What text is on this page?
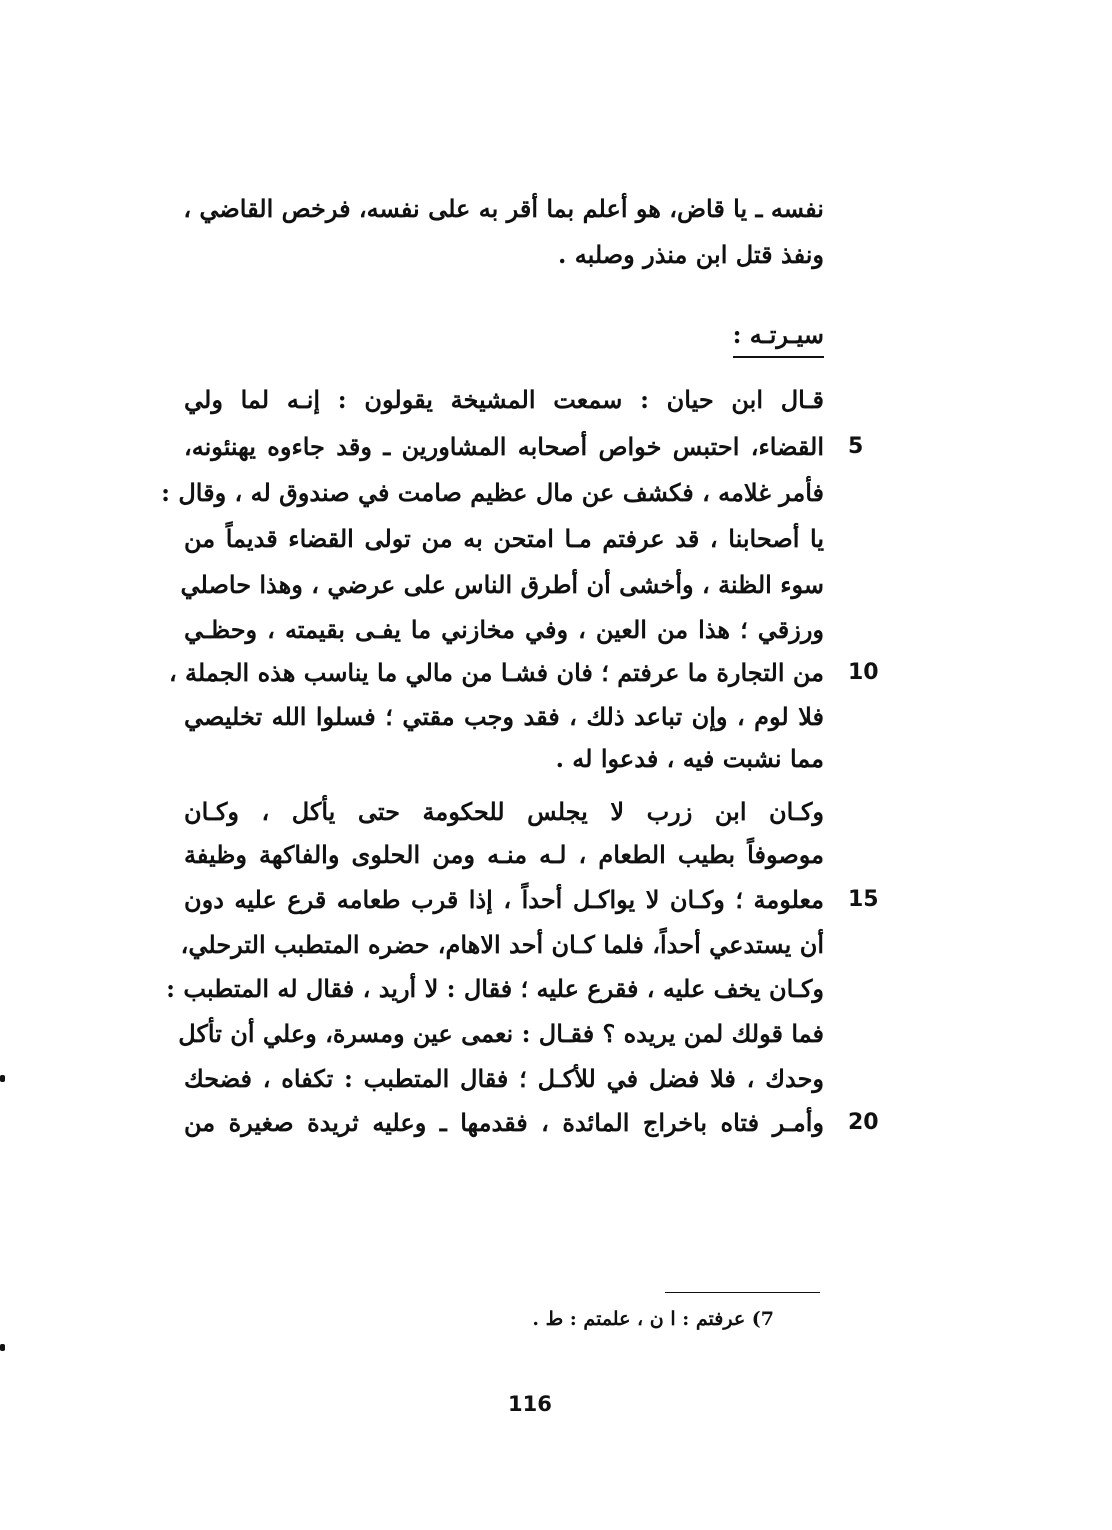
نفسه ـ يا قاض، هو أعلم بما أقر به على نفسه، فرخص القاضي ،
ونفذ قتل ابن منذر وصلبه .
سيـرتـه :
قـال ابن حيان : سمعت المشيخة يقولون : إنـه لما ولي
القضاء، احتبس خواص أصحابه المشاورين ـ وقد جاءوه يهنئونه،
فأمر غلامه ، فكشف عن مال عظيم صامت في صندوق له ، وقال :
يا أصحابنا ، قد عرفتم مـا امتحن به من تولى القضاء قديماً من
سوء الظنة ، وأخشى أن أطرق الناس على عرضي ، وهذا حاصلي
ورزقي ؛ هذا من العين ، وفي مخازني ما يفـى بقيمته ، وحظـي
من التجارة ما عرفتم ؛ فان فشـا من مالي ما يناسب هذه الجملة ،
فلا لوم ، وإن تباعد ذلك ، فقد وجب مقتي ؛ فسلوا الله تخليصي
مما نشبت فيه ، فدعوا له .
وكـان ابن زرب لا يجلس للحكومة حتى يأكل ، وكـان
موصوفاً بطيب الطعام ، لـه منـه ومن الحلوى والفاكهة وظيفة
معلومة ؛ وكـان لا يواكـل أحداً ، إذا قرب طعامه قرع عليه دون
أن يستدعي أحداً، فلما كـان أحد الاهام، حضره المتطبب الترحلي،
وكـان يخف عليه ، فقرع عليه ؛ فقال : لا أريد ، فقال له المتطبب :
فما قولك لمن يريده ؟ فقـال : نعمى عين ومسرة، وعلي أن تأكل
وحدك ، فلا فضل في للأكـل ؛ فقال المتطبب : تكفاه ، فضحك
وأمـر فتاه باخراج المائدة ، فقدمها ـ وعليه ثريدة صغيرة من
5
10
15
20
7) عرفتم : ا ن ، علمتم : ط .
116
